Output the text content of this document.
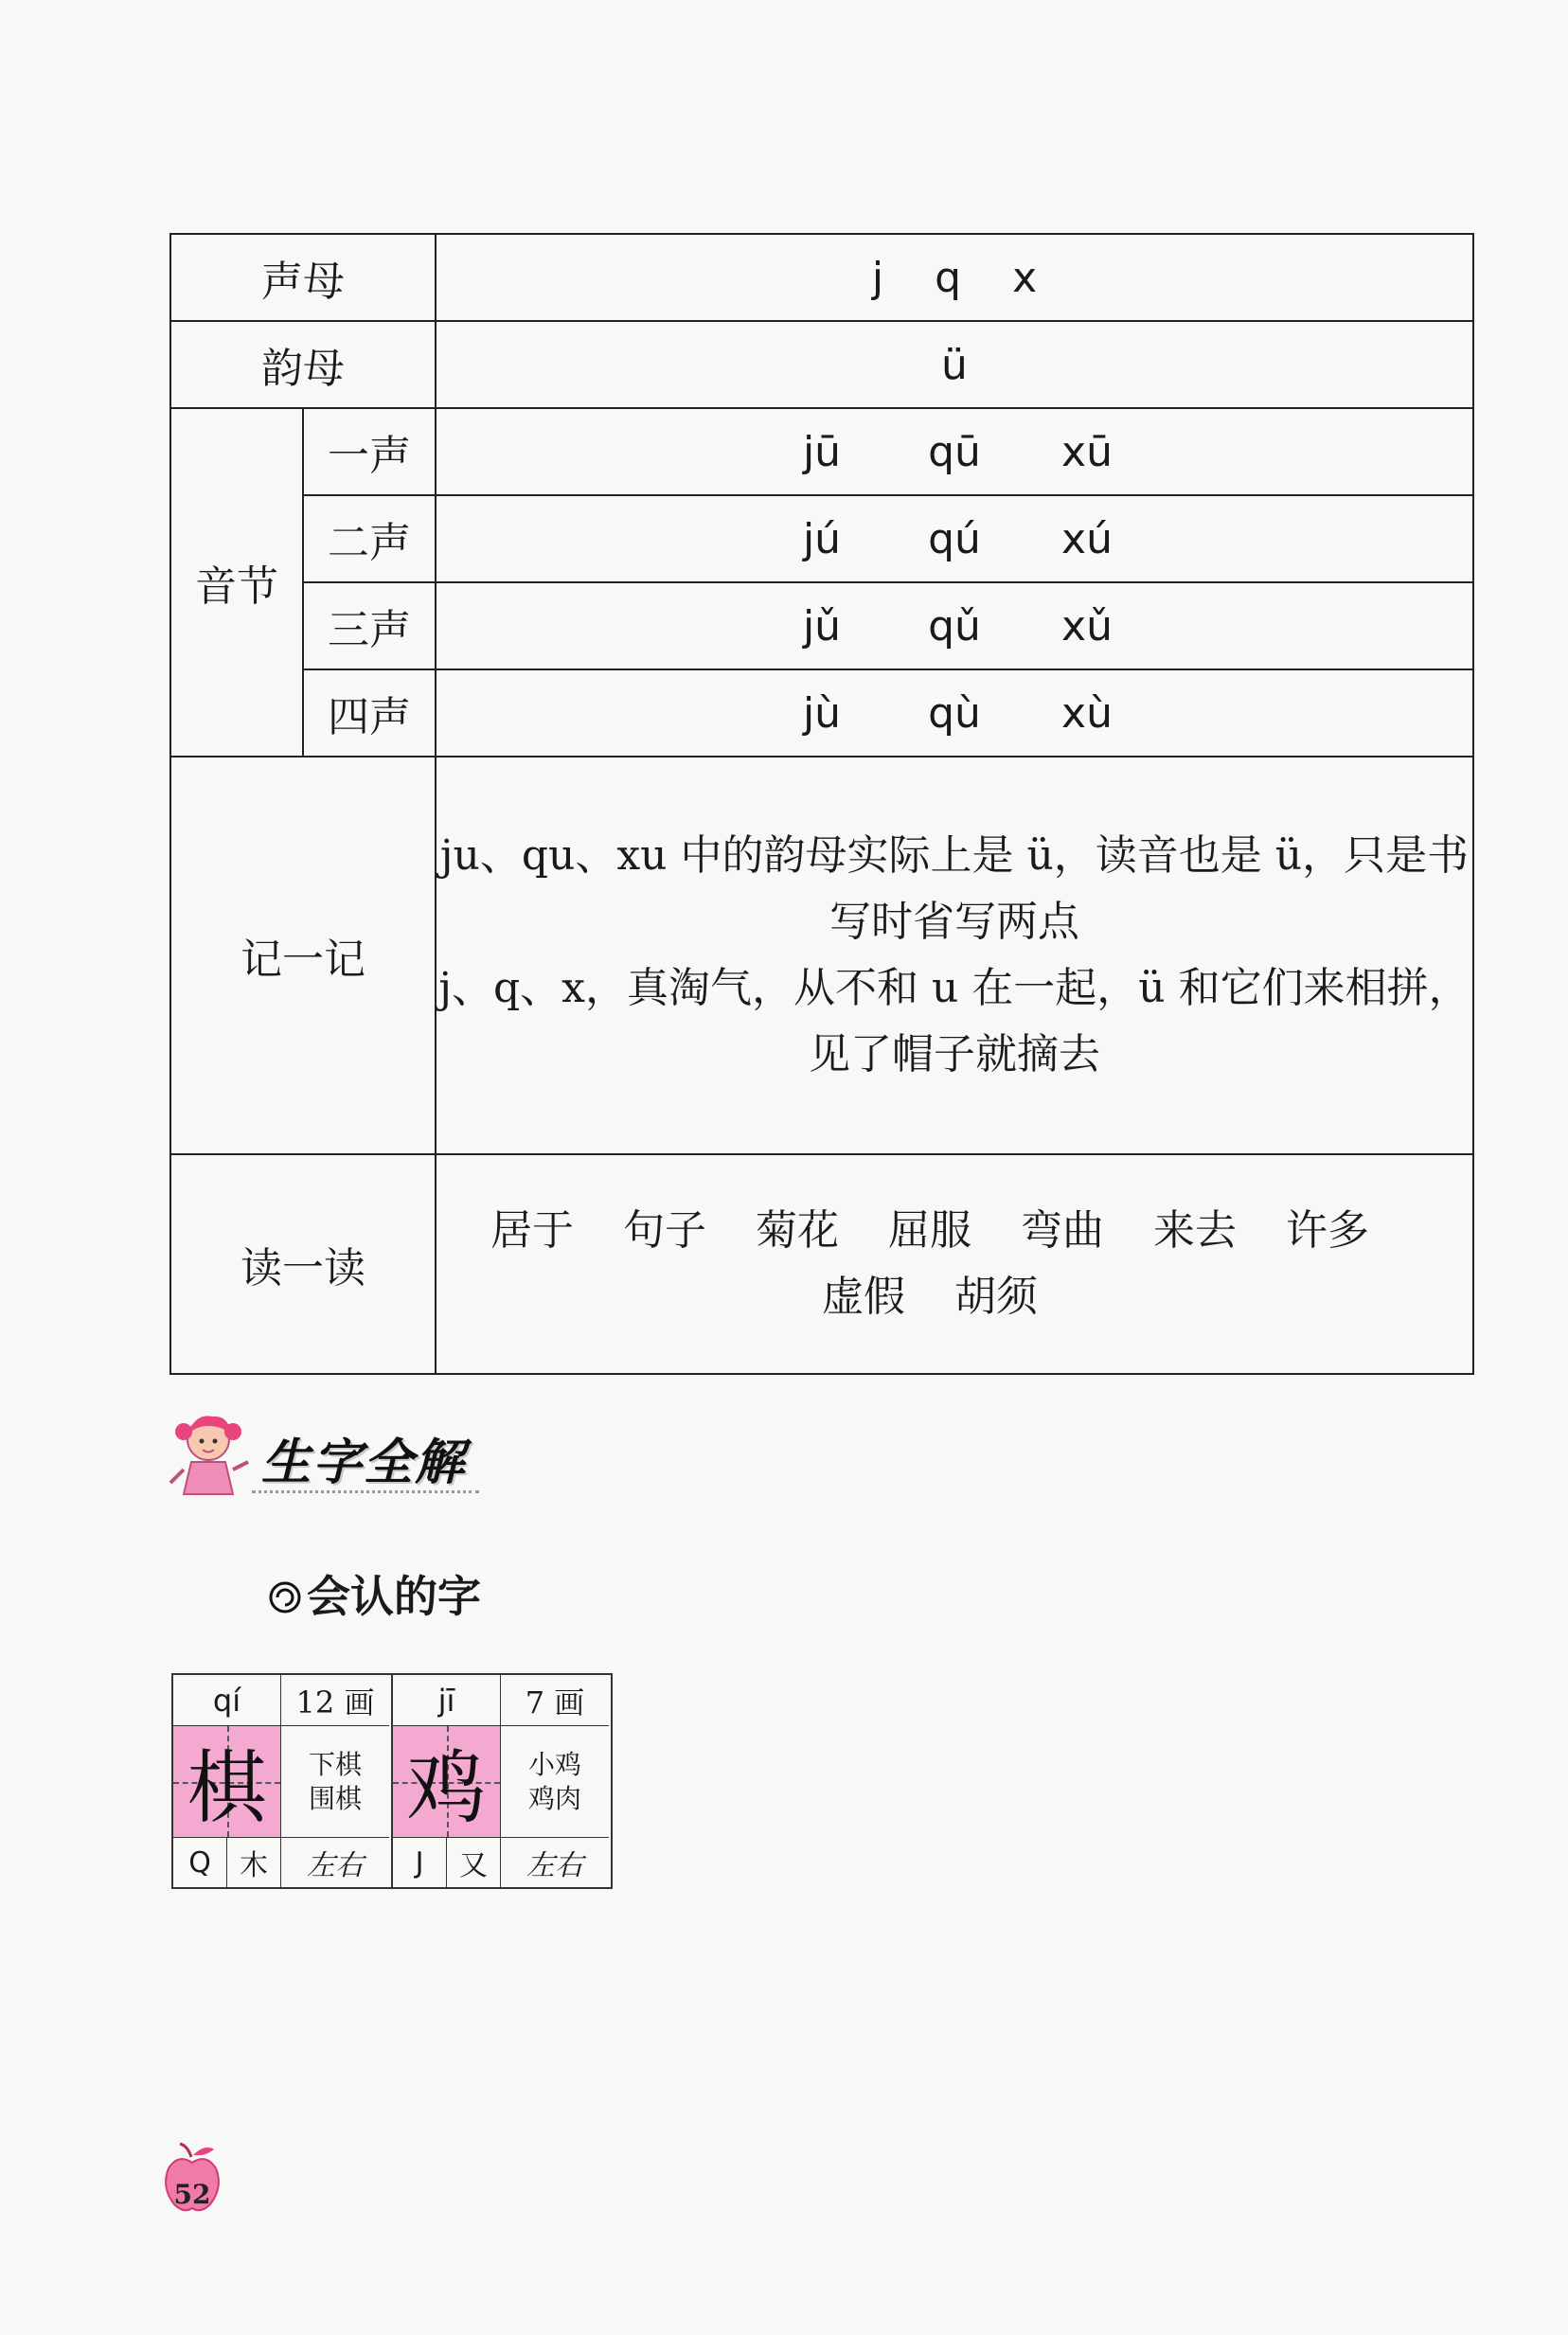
声母		j q x
韵母		ü
音节	一声	jū qū xū
	二声	jú qú xú
	三声	jǔ qǔ xǔ
	四声	jù qù xù
记一记		ju、qu、xu 中的韵母实际上是 ü，读音也是 ü，只是书写时省写两点

j、q、x，真淘气，从不和 u 在一起，ü 和它们来相拼，见了帽子就摘去

读一读		居于 句子 菊花 屈服 弯曲 来去 许多
虚假 胡须
生字全解
会认的字
qí	12 画
棋 下棋
围棋
Q	木	左右
jī	7 画
鸡 小鸡
鸡肉
J	又	左右
52
